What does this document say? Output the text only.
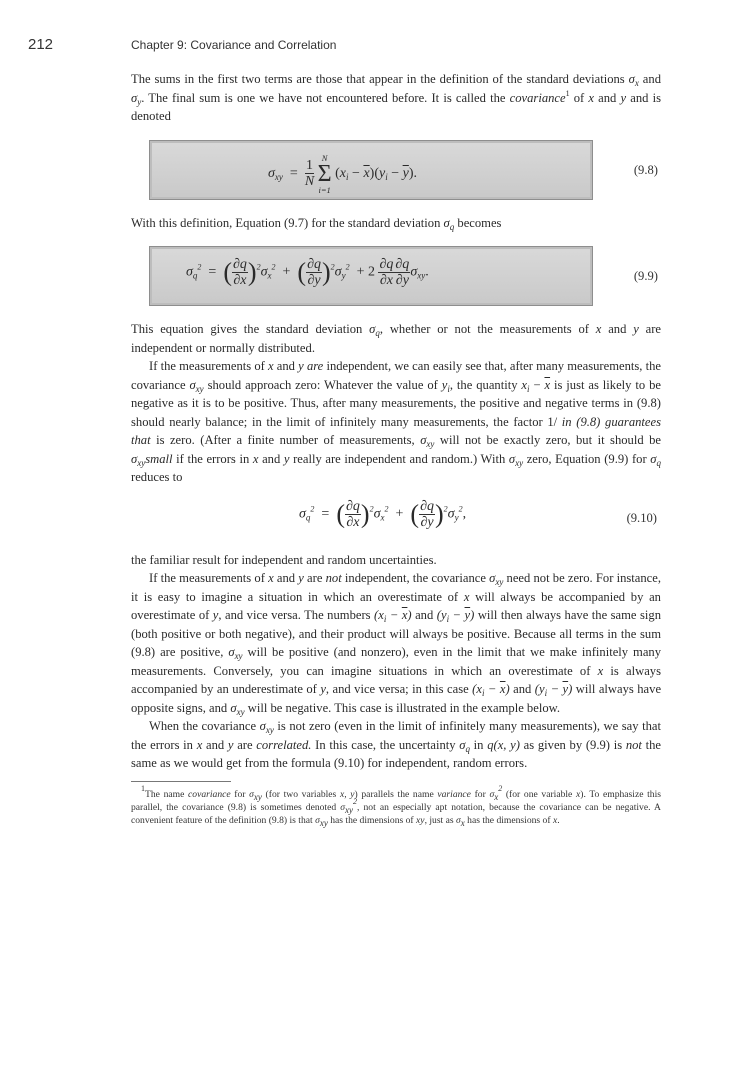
212	Chapter 9: Covariance and Correlation

The sums in the first two terms are those that appear in the definition of the standard deviations $\sigma_x$ and $\sigma_y$. The final sum is one we have not encountered before. It is called the covariance$^1$ of x and y and is denoted

$\sigma_{xy} = \frac{1}{N}$

N
Σ
i=1
$(x_i - \overline{x})(y_i - \overline{y})$.	(9.8)

With this definition, Equation (9.7) for the standard deviation $\sigma_q$ becomes

$\sigma_q^2$  =  ( $\frac{\partial q}{\partial x} )^2\sigma_x^2$  +  ( $\frac{\partial q}{\partial y} )^2\sigma_y^2 + 2 \frac{\partial q}{\partial x} \frac{\partial q}{\partial y} \sigma_{xy}$.	(9.9)

This equation gives the standard deviation $\sigma_q$, whether or not the measurements of x and y are independent or normally distributed.

If the measurements of x and y are independent, we can easily see that, after many measurements, the covariance $\sigma_{xy}$ should approach zero: Whatever the value of $y_i$, the quantity $x_i - \overline{x}$ is just as likely to be negative as it is to be positive. Thus, after many measurements, the positive and negative terms in (9.8) should nearly balance; in the limit of infinitely many measurements, the factor 1/ in (9.8) guarantees that is zero. (After a finite number of measurements, $\sigma_{xy}$ will not be exactly zero, but it should be $\sigma_{xy}small$ if the errors in x and y really are independent and random.) With $\sigma_{xy}$ zero, Equation (9.9) for $\sigma_q$ reduces to

$\sigma_q^2$  =  ( $\frac{\partial q}{\partial x} )^2\sigma_x^2$  +  ( $\frac{\partial q}{\partial y} )^2\sigma_y^2$,	(9.10)

the familiar result for independent and random uncertainties.

If the measurements of x and y are not independent, the covariance $\sigma_{xy}$ need not be zero. For instance, it is easy to imagine a situation in which an overestimate of x will always be accompanied by an overestimate of y, and vice versa. The numbers $(x_i - \overline{x})$ and $(y_i - \overline{y})$ will then always have the same sign (both positive or both negative), and their product will always be positive. Because all terms in the sum (9.8) are positive, $\sigma_{xy}$ will be positive (and nonzero), even in the limit that we make infinitely many measurements. Conversely, you can imagine situations in which an overestimate of x is always accompanied by an underestimate of y, and vice versa; in this case $(x_i - \overline{x})$ and $(y_i - \overline{y})$ will always have opposite signs, and $\sigma_{xy}$ will be negative. This case is illustrated in the example below.

When the covariance $\sigma_{xy}$ is not zero (even in the limit of infinitely many measurements), we say that the errors in x and y are correlated. In this case, the uncertainty $\sigma_q$ in q(x, y) as given by (9.9) is not the same as we would get from the formula (9.10) for independent, random errors.

$^1$The name covariance for $\sigma_{xy}$ (for two variables x, y) parallels the name variance for $\sigma_x^2$ (for one variable x). To emphasize this parallel, the covariance (9.8) is sometimes denoted $\sigma_{xy}^2$, not an especially apt notation, because the covariance can be negative. A convenient feature of the definition (9.8) is that $\sigma_{xy}$ has the dimensions of xy, just as $\sigma_x$ has the dimensions of x.
